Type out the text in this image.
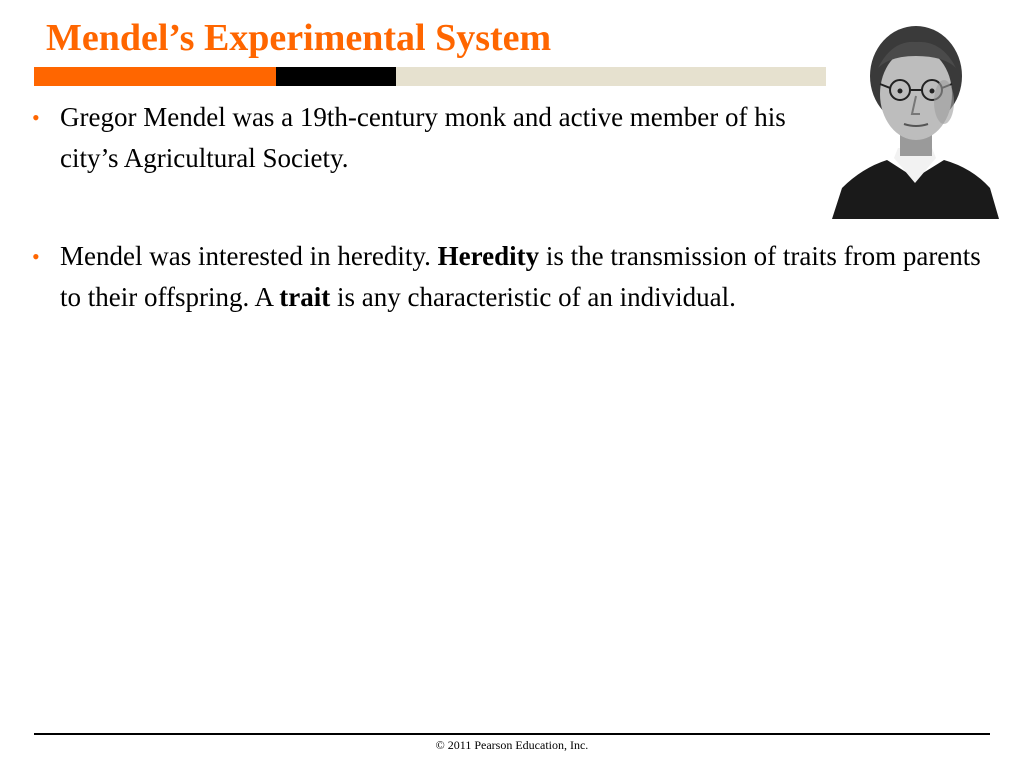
Mendel’s Experimental System
• Gregor Mendel was a 19th-century monk and active member of his city’s Agricultural Society.
• Mendel was interested in heredity. Heredity is the transmission of traits from parents to their offspring. A trait is any characteristic of an individual.
© 2011 Pearson Education, Inc.
